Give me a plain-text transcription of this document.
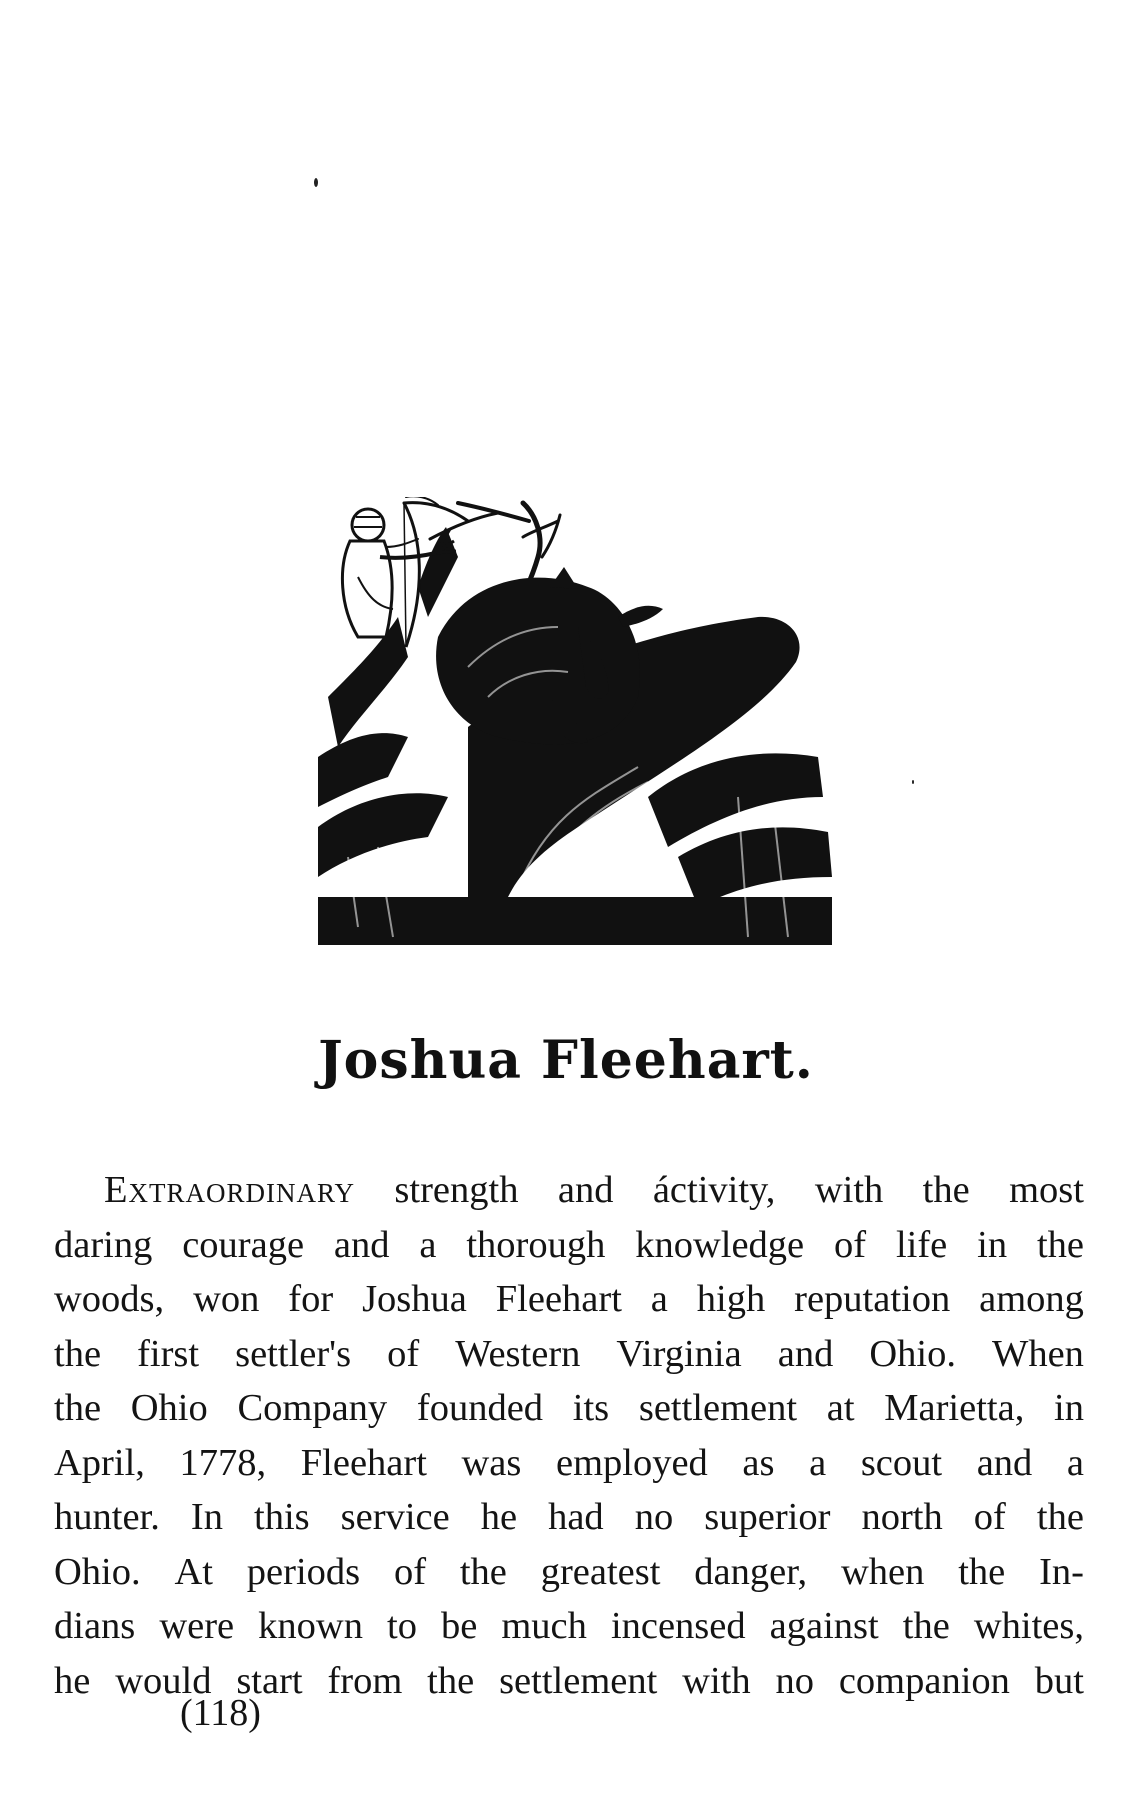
Joshua Fleehart.
Extraordinary strength and áctivity, with the most
daring courage and a thorough knowledge of life in the
woods, won for Joshua Fleehart a high reputation among
the first settler's of Western Virginia and Ohio. When
the Ohio Company founded its settlement at Marietta, in
April, 1778, Fleehart was employed as a scout and a
hunter. In this service he had no superior north of the
Ohio. At periods of the greatest danger, when the In-
dians were known to be much incensed against the whites,
he would start from the settlement with no companion but
(118)
